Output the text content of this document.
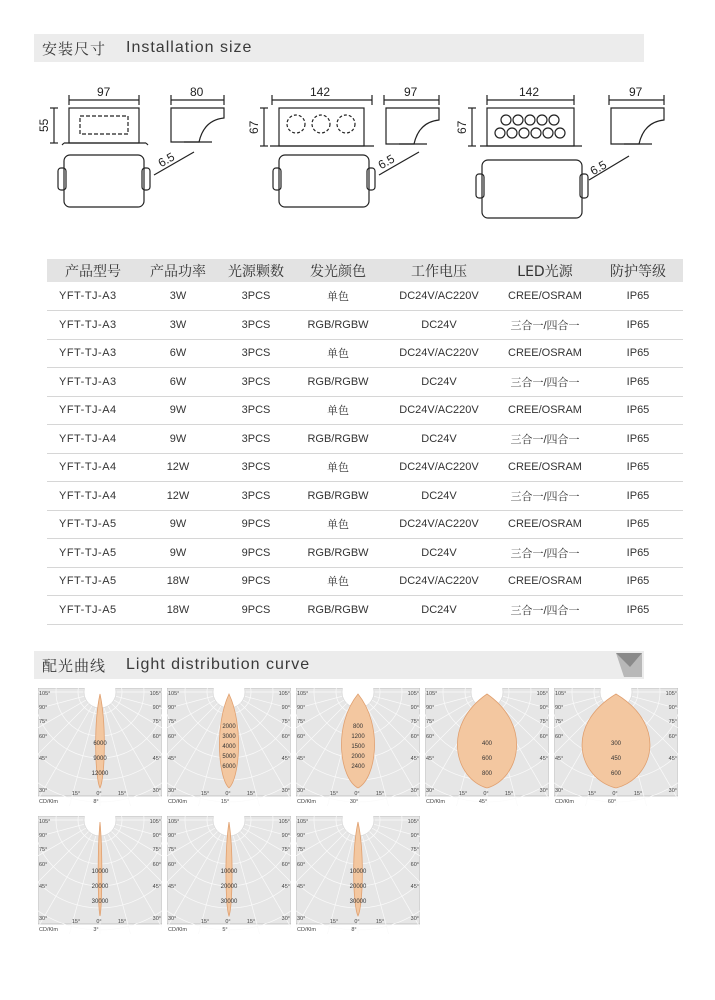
安装尺寸 Installation size
97	80
55
6.5
142	97
67
6.5
142	97
67
6.5
产品型号	产品功率	光源颗数	发光颜色	工作电压	LED光源	防护等级
YFT-TJ-A3	3W	3PCS	单色	DC24V/AC220V	CREE/OSRAM	IP65
YFT-TJ-A3	3W	3PCS	RGB/RGBW	DC24V	三合一/四合一	IP65
YFT-TJ-A3	6W	3PCS	单色	DC24V/AC220V	CREE/OSRAM	IP65
YFT-TJ-A3	6W	3PCS	RGB/RGBW	DC24V	三合一/四合一	IP65
YFT-TJ-A4	9W	3PCS	单色	DC24V/AC220V	CREE/OSRAM	IP65
YFT-TJ-A4	9W	3PCS	RGB/RGBW	DC24V	三合一/四合一	IP65
YFT-TJ-A4	12W	3PCS	单色	DC24V/AC220V	CREE/OSRAM	IP65
YFT-TJ-A4	12W	3PCS	RGB/RGBW	DC24V	三合一/四合一	IP65
YFT-TJ-A5	9W	9PCS	单色	DC24V/AC220V	CREE/OSRAM	IP65
YFT-TJ-A5	9W	9PCS	RGB/RGBW	DC24V	三合一/四合一	IP65
YFT-TJ-A5	18W	9PCS	单色	DC24V/AC220V	CREE/OSRAM	IP65
YFT-TJ-A5	18W	9PCS	RGB/RGBW	DC24V	三合一/四合一	IP65
配光曲线 Light distribution curve
105°
90°
75°
60°
45°
30°
105°
90°
75°
60°
45°
30°
15°	0°	15°
6000
9000
12000
CD/Klm	8°
105°
90°
75°
60°
45°
30°
105°
90°
75°
60°
45°
30°
15°	0°	15°
2000
3000
4000
5000
6000
CD/Klm	15°
105°
90°
75°
60°
45°
30°
105°
90°
75°
60°
45°
30°
15°	0°	15°
800
1200
1500
2000
2400
CD/Klm	30°
105°
90°
75°
60°
45°
30°
105°
90°
75°
60°
45°
30°
15°	0°	15°
400
600
800
CD/Klm	45°
105°
90°
75°
60°
45°
30°
105°
90°
75°
60°
45°
30°
15°	0°	15°
300
450
600
CD/Klm	60°
105°
90°
75°
60°
45°
30°
105°
90°
75°
60°
45°
30°
15°	0°	15°
10000
20000
30000
CD/Klm	3°
105°
90°
75°
60°
45°
30°
105°
90°
75°
60°
45°
30°
15°	0°	15°
10000
20000
30000
CD/Klm	5°
105°
90°
75°
60°
45°
30°
105°
90°
75°
60°
45°
30°
15°	0°	15°
10000
20000
30000
CD/Klm	8°
